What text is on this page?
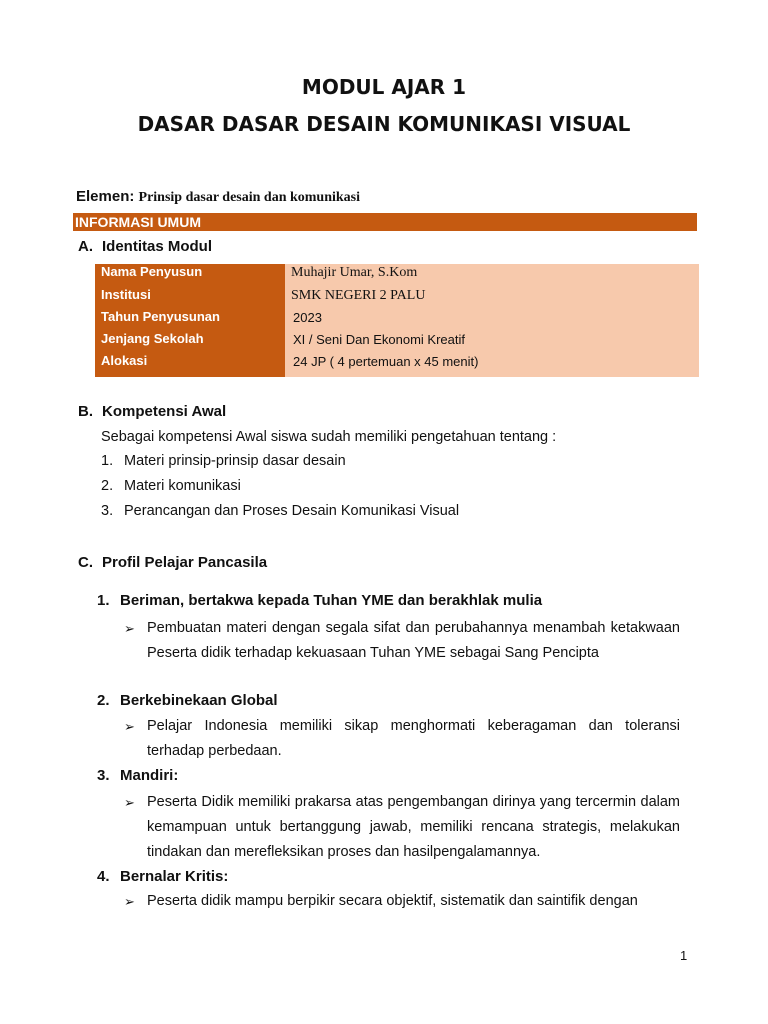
MODUL AJAR 1
DASAR DASAR DESAIN KOMUNIKASI VISUAL
Elemen: Prinsip dasar desain dan komunikasi
INFORMASI UMUM
A. Identitas Modul
Nama Penyusun	Muhajir Umar, S.Kom
Institusi	SMK NEGERI 2 PALU
Tahun Penyusunan	2023
Jenjang Sekolah	XI / Seni Dan Ekonomi Kreatif
Alokasi	24 JP ( 4 pertemuan x 45 menit)
B. Kompetensi Awal
Sebagai kompetensi Awal siswa sudah memiliki pengetahuan tentang :
1. Materi prinsip-prinsip dasar desain
2. Materi komunikasi
3. Perancangan dan Proses Desain Komunikasi Visual
C. Profil Pelajar Pancasila
1. Beriman, bertakwa kepada Tuhan YME dan berakhlak mulia
➢ Pembuatan materi dengan segala sifat dan perubahannya menambah ketakwaan Peserta didik terhadap kekuasaan Tuhan YME sebagai Sang Pencipta
2. Berkebinekaan Global
➢ Pelajar Indonesia memiliki sikap menghormati keberagaman dan toleransi terhadap perbedaan.
3. Mandiri:
➢ Peserta Didik memiliki prakarsa atas pengembangan dirinya yang tercermin dalam kemampuan untuk bertanggung jawab, memiliki rencana strategis, melakukan tindakan dan merefleksikan proses dan hasilpengalamannya.
4. Bernalar Kritis:
➢ Peserta didik mampu berpikir secara objektif, sistematik dan saintifik dengan
1
